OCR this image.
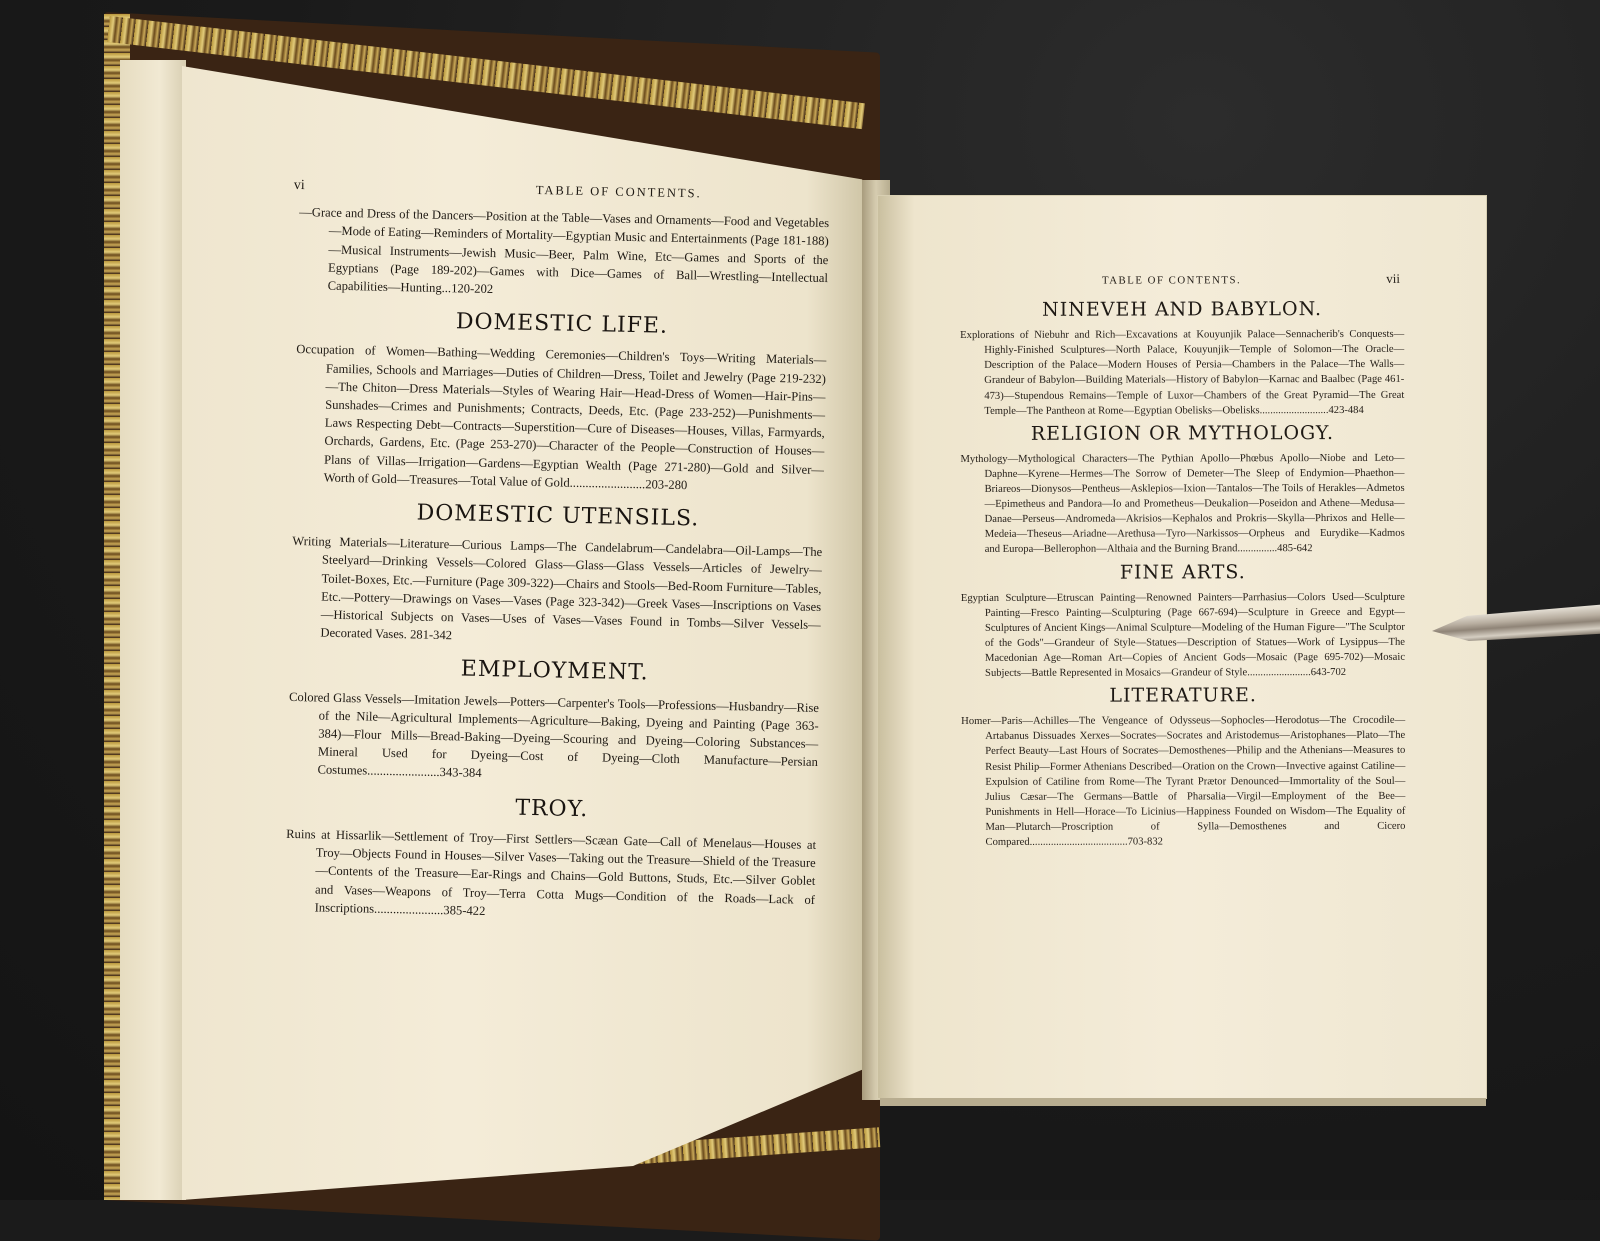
vi	TABLE OF CONTENTS.

—Grace and Dress of the Dancers—Position at the Table—Vases and Ornaments—Food and Vegetables—Mode of Eating—Reminders of Mortality—Egyptian Music and Entertainments (Page 181-188)—Musical Instruments—Jewish Music—Beer, Palm Wine, Etc—Games and Sports of the Egyptians (Page 189-202)—Games with Dice—Games of Ball—Wrestling—Intellectual Capabilities—Hunting...120-202

DOMESTIC LIFE.

Occupation of Women—Bathing—Wedding Ceremonies—Children's Toys—Writing Materials—Families, Schools and Marriages—Duties of Children—Dress, Toilet and Jewelry (Page 219-232)—The Chiton—Dress Materials—Styles of Wearing Hair—Head-Dress of Women—Hair-Pins—Sunshades—Crimes and Punishments; Contracts, Deeds, Etc. (Page 233-252)—Punishments—Laws Respecting Debt—Contracts—Superstition—Cure of Diseases—Houses, Villas, Farmyards, Orchards, Gardens, Etc. (Page 253-270)—Character of the People—Construction of Houses—Plans of Villas—Irrigation—Gardens—Egyptian Wealth (Page 271-280)—Gold and Silver—Worth of Gold—Treasures—Total Value of Gold........................203-280

DOMESTIC UTENSILS.

Writing Materials—Literature—Curious Lamps—The Candelabrum—Candelabra—Oil-Lamps—The Steelyard—Drinking Vessels—Colored Glass—Glass—Glass Vessels—Articles of Jewelry—Toilet-Boxes, Etc.—Furniture (Page 309-322)—Chairs and Stools—Bed-Room Furniture—Tables, Etc.—Pottery—Drawings on Vases—Vases (Page 323-342)—Greek Vases—Inscriptions on Vases—Historical Subjects on Vases—Uses of Vases—Vases Found in Tombs—Silver Vessels—Decorated Vases. 281-342

EMPLOYMENT.

Colored Glass Vessels—Imitation Jewels—Potters—Carpenter's Tools—Professions—Husbandry—Rise of the Nile—Agricultural Implements—Agriculture—Baking, Dyeing and Painting (Page 363-384)—Flour Mills—Bread-Baking—Dyeing—Scouring and Dyeing—Coloring Substances—Mineral Used for Dyeing—Cost of Dyeing—Cloth Manufacture—Persian Costumes.......................343-384

TROY.

Ruins at Hissarlik—Settlement of Troy—First Settlers—Scæan Gate—Call of Menelaus—Houses at Troy—Objects Found in Houses—Silver Vases—Taking out the Treasure—Shield of the Treasure—Contents of the Treasure—Ear-Rings and Chains—Gold Buttons, Studs, Etc.—Silver Goblet and Vases—Weapons of Troy—Terra Cotta Mugs—Condition of the Roads—Lack of Inscriptions......................385-422

TABLE OF CONTENTS.	vii
NINEVEH AND BABYLON.

Explorations of Niebuhr and Rich—Excavations at Kouyunjik Palace—Sennacherib's Conquests—Highly-Finished Sculptures—North Palace, Kouyunjik—Temple of Solomon—The Oracle—Description of the Palace—Modern Houses of Persia—Chambers in the Palace—The Walls—Grandeur of Babylon—Building Materials—History of Babylon—Karnac and Baalbec (Page 461-473)—Stupendous Remains—Temple of Luxor—Chambers of the Great Pyramid—The Great Temple—The Pantheon at Rome—Egyptian Obelisks—Obelisks..........................423-484

RELIGION OR MYTHOLOGY.

Mythology—Mythological Characters—The Pythian Apollo—Phœbus Apollo—Niobe and Leto—Daphne—Kyrene—Hermes—The Sorrow of Demeter—The Sleep of Endymion—Phaethon—Briareos—Dionysos—Pentheus—Asklepios—Ixion—Tantalos—The Toils of Herakles—Admetos—Epimetheus and Pandora—Io and Prometheus—Deukalion—Poseidon and Athene—Medusa—Danae—Perseus—Andromeda—Akrisios—Kephalos and Prokris—Skylla—Phrixos and Helle—Medeia—Theseus—Ariadne—Arethusa—Tyro—Narkissos—Orpheus and Eurydike—Kadmos and Europa—Bellerophon—Althaia and the Burning Brand...............485-642

FINE ARTS.

Egyptian Sculpture—Etruscan Painting—Renowned Painters—Parrhasius—Colors Used—Sculpture Painting—Fresco Painting—Sculpturing (Page 667-694)—Sculpture in Greece and Egypt—Sculptures of Ancient Kings—Animal Sculpture—Modeling of the Human Figure—"The Sculptor of the Gods"—Grandeur of Style—Statues—Description of Statues—Work of Lysippus—The Macedonian Age—Roman Art—Copies of Ancient Gods—Mosaic (Page 695-702)—Mosaic Subjects—Battle Represented in Mosaics—Grandeur of Style........................643-702

LITERATURE.

Homer—Paris—Achilles—The Vengeance of Odysseus—Sophocles—Herodotus—The Crocodile—Artabanus Dissuades Xerxes—Socrates—Socrates and Aristodemus—Aristophanes—Plato—The Perfect Beauty—Last Hours of Socrates—Demosthenes—Philip and the Athenians—Measures to Resist Philip—Former Athenians Described—Oration on the Crown—Invective against Catiline—Expulsion of Catiline from Rome—The Tyrant Prætor Denounced—Immortality of the Soul—Julius Cæsar—The Germans—Battle of Pharsalia—Virgil—Employment of the Bee—Punishments in Hell—Horace—To Licinius—Happiness Founded on Wisdom—The Equality of Man—Plutarch—Proscription of Sylla—Demosthenes and Cicero Compared.....................................703-832
